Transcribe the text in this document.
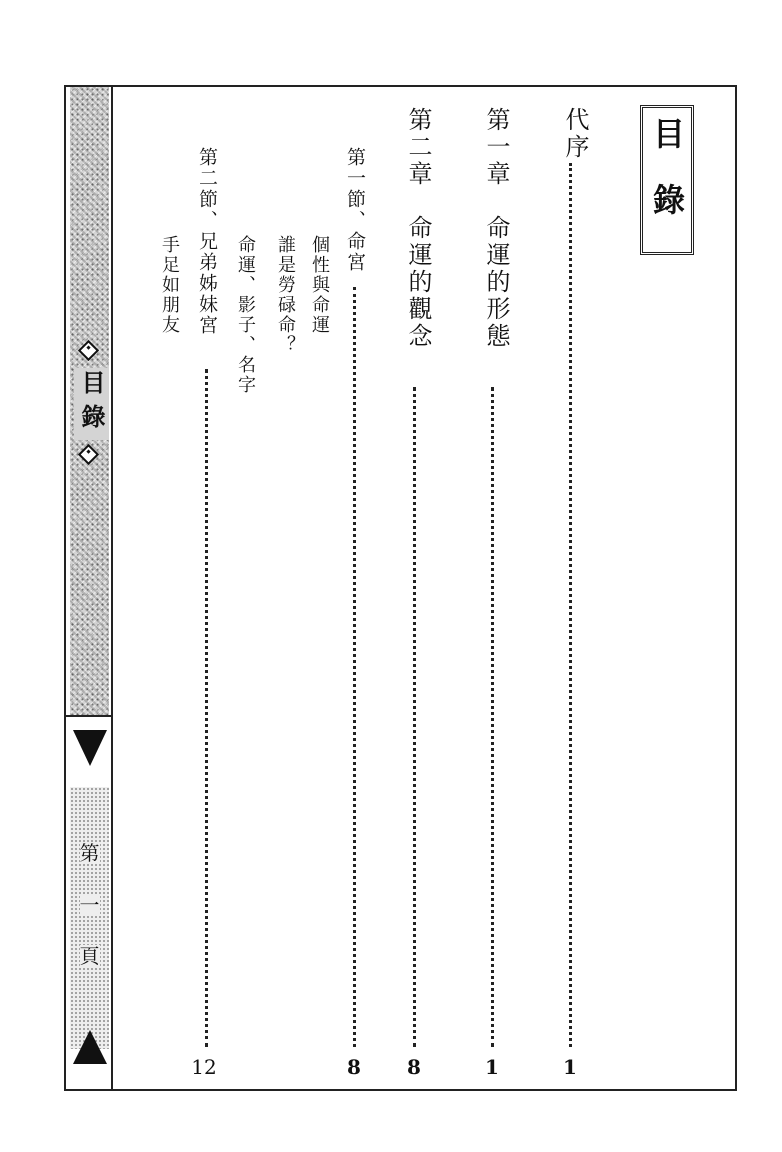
目錄
第
一
頁
目錄
代序
1
第一章　命運的形態
1
第二章　命運的觀念
8
第一節、命宮
8
個性與命運
誰是勞碌命？
命運、影子、名字
第二節、兄弟姊妹宮
12
手足如朋友
